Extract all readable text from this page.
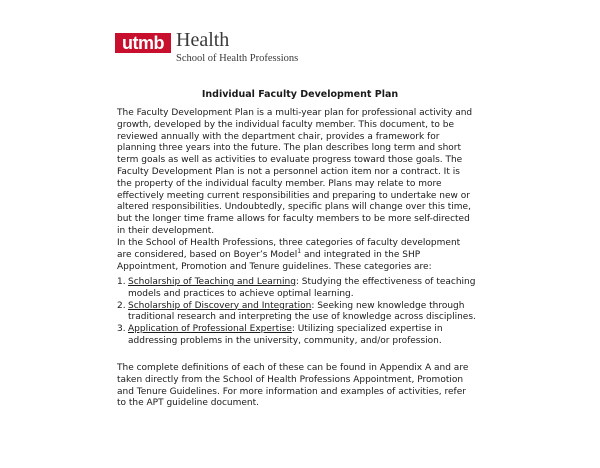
utmb Health
School of Health Professions
Individual Faculty Development Plan

The Faculty Development Plan is a multi-year plan for professional activity and growth, developed by the individual faculty member. This document, to be reviewed annually with the department chair, provides a framework for planning three years into the future. The plan describes long term and short term goals as well as activities to evaluate progress toward those goals. The Faculty Development Plan is not a personnel action item nor a contract. It is the property of the individual faculty member. Plans may relate to more effectively meeting current responsibilities and preparing to undertake new or altered responsibilities. Undoubtedly, specific plans will change over this time, but the longer time frame allows for faculty members to be more self-directed in their development.

In the School of Health Professions, three categories of faculty development are considered, based on Boyer’s Model$^1$ and integrated in the SHP Appointment, Promotion and Tenure guidelines. These categories are:

1. Scholarship of Teaching and Learning: Studying the effectiveness of teaching models and practices to achieve optimal learning.
2. Scholarship of Discovery and Integration: Seeking new knowledge through traditional research and interpreting the use of knowledge across disciplines.
3. Application of Professional Expertise: Utilizing specialized expertise in addressing problems in the university, community, and/or profession.

The complete definitions of each of these can be found in Appendix A and are taken directly from the School of Health Professions Appointment, Promotion and Tenure Guidelines. For more information and examples of activities, refer to the APT guideline document.
